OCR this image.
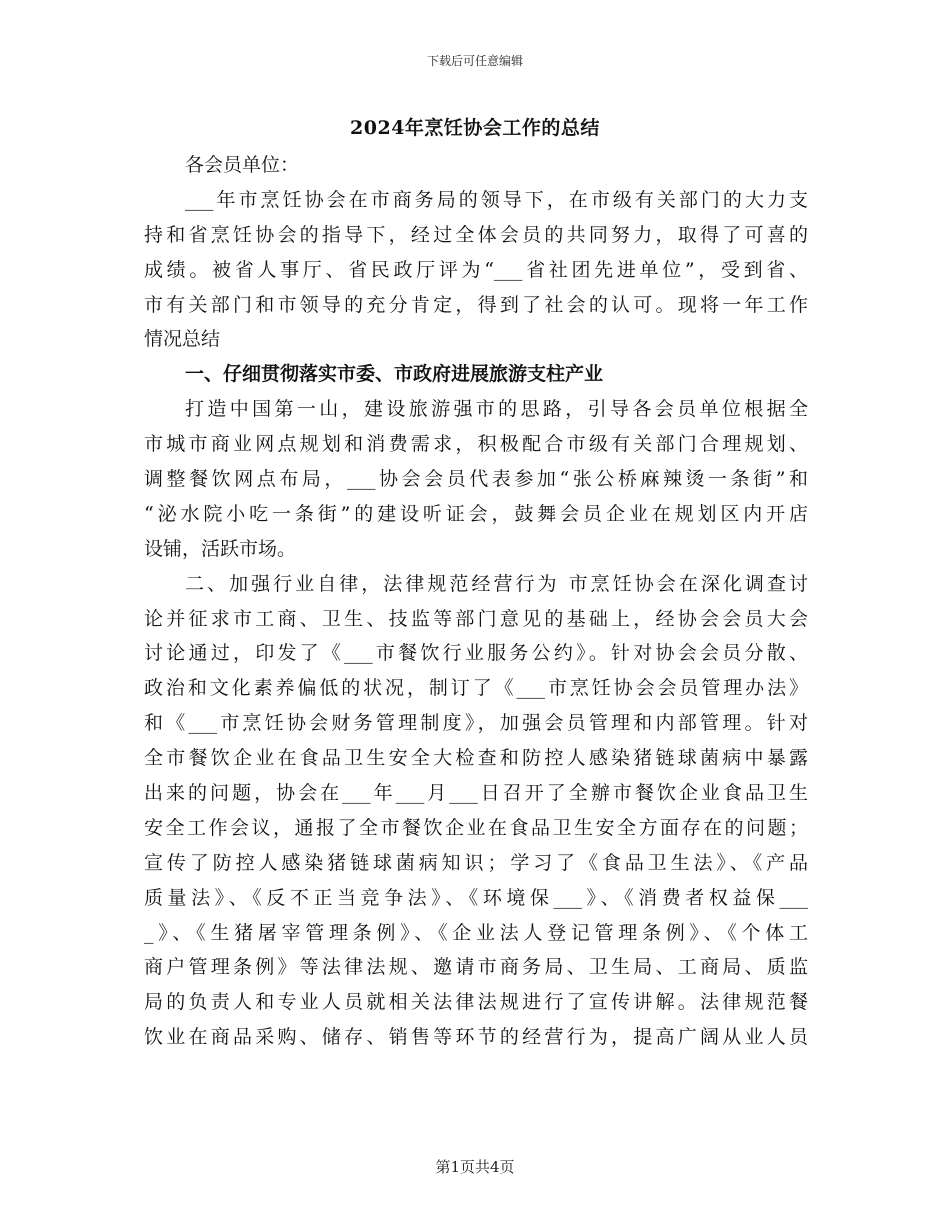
下载后可任意编辑
2024年烹饪协会工作的总结
各会员单位：
___年市烹饪协会在市商务局的领导下，在市级有关部门的大力支
持和省烹饪协会的指导下，经过全体会员的共同努力，取得了可喜的
成绩。被省人事厅、省民政厅评为“___省社团先进单位”，受到省、
市有关部门和市领导的充分肯定，得到了社会的认可。现将一年工作
情况总结
一、仔细贯彻落实市委、市政府进展旅游支柱产业
打造中国第一山，建设旅游强市的思路，引导各会员单位根据全
市城市商业网点规划和消费需求，积极配合市级有关部门合理规划、
调整餐饮网点布局，___协会会员代表参加“张公桥麻辣烫一条街”和
“泌水院小吃一条街”的建设听证会，鼓舞会员企业在规划区内开店
设铺，活跃市场。
二、加强行业自律，法律规范经营行为 市烹饪协会在深化调查讨
论并征求市工商、卫生、技监等部门意见的基础上，经协会会员大会
讨论通过，印发了《___市餐饮行业服务公约》。针对协会会员分散、
政治和文化素养偏低的状况，制订了《___市烹饪协会会员管理办法》
和《___市烹饪协会财务管理制度》，加强会员管理和内部管理。针对
全市餐饮企业在食品卫生安全大检查和防控人感染猪链球菌病中暴露
出来的问题，协会在___年___月___日召开了全辦市餐饮企业食品卫生
安全工作会议，通报了全市餐饮企业在食品卫生安全方面存在的问题；
宣传了防控人感染猪链球菌病知识；学习了《食品卫生法》、《产品
质量法》、《反不正当竞争法》、《环境保___》、《消费者权益保___
_》、《生猪屠宰管理条例》、《企业法人登记管理条例》、《个体工
商户管理条例》等法律法规、邀请市商务局、卫生局、工商局、质监
局的负责人和专业人员就相关法律法规进行了宣传讲解。法律规范餐
饮业在商品采购、储存、销售等环节的经营行为，提高广阔从业人员
第1页共4页
